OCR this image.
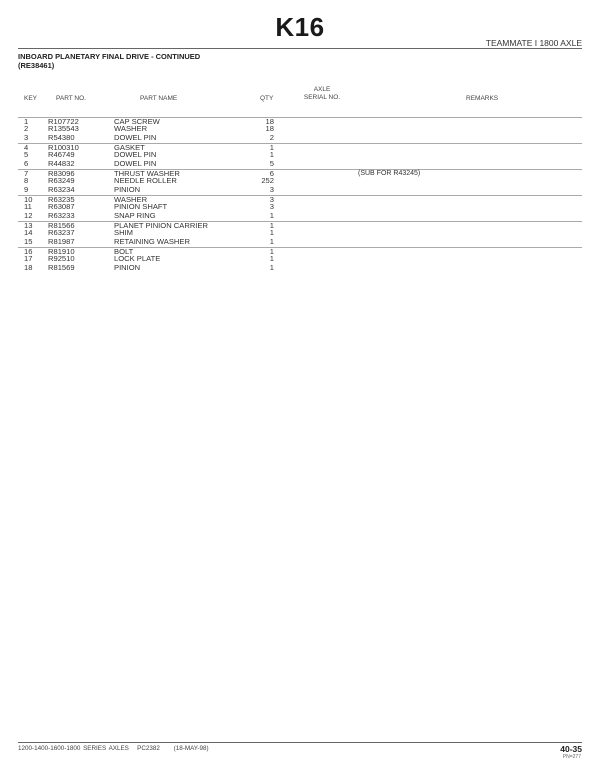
K16
TEAMMATE I 1800 AXLE
INBOARD PLANETARY FINAL DRIVE - CONTINUED
(RE38461)
KEY	PART NO.	PART NAME	QTY
AXLE
SERIAL NO.	REMARKS
1	R107722	CAP SCREW	18
2	R135543	WASHER	18
3	R54380	DOWEL PIN	2
4	R100310	GASKET	1
5	R46749	DOWEL PIN	1
6	R44832	DOWEL PIN	5
7	R83096	THRUST WASHER	6	(SUB FOR R43245)
8	R63249	NEEDLE ROLLER	252
9	R63234	PINION	3
10 R63235	WASHER	3
11 R63087	PINION SHAFT	3
12 R63233	SNAP RING	1
13 R81566	PLANET PINION CARRIER	1
14 R63237	SHIM	1
15 R81987	RETAINING WASHER	1
16 R81910	BOLT	1
17 R92510	LOCK PLATE	1
18 R81569	PINION	1
1200-1400-1600-1800 SERIES AXLES   PC2382     (18-MAY-98)	40-35
PN=277
